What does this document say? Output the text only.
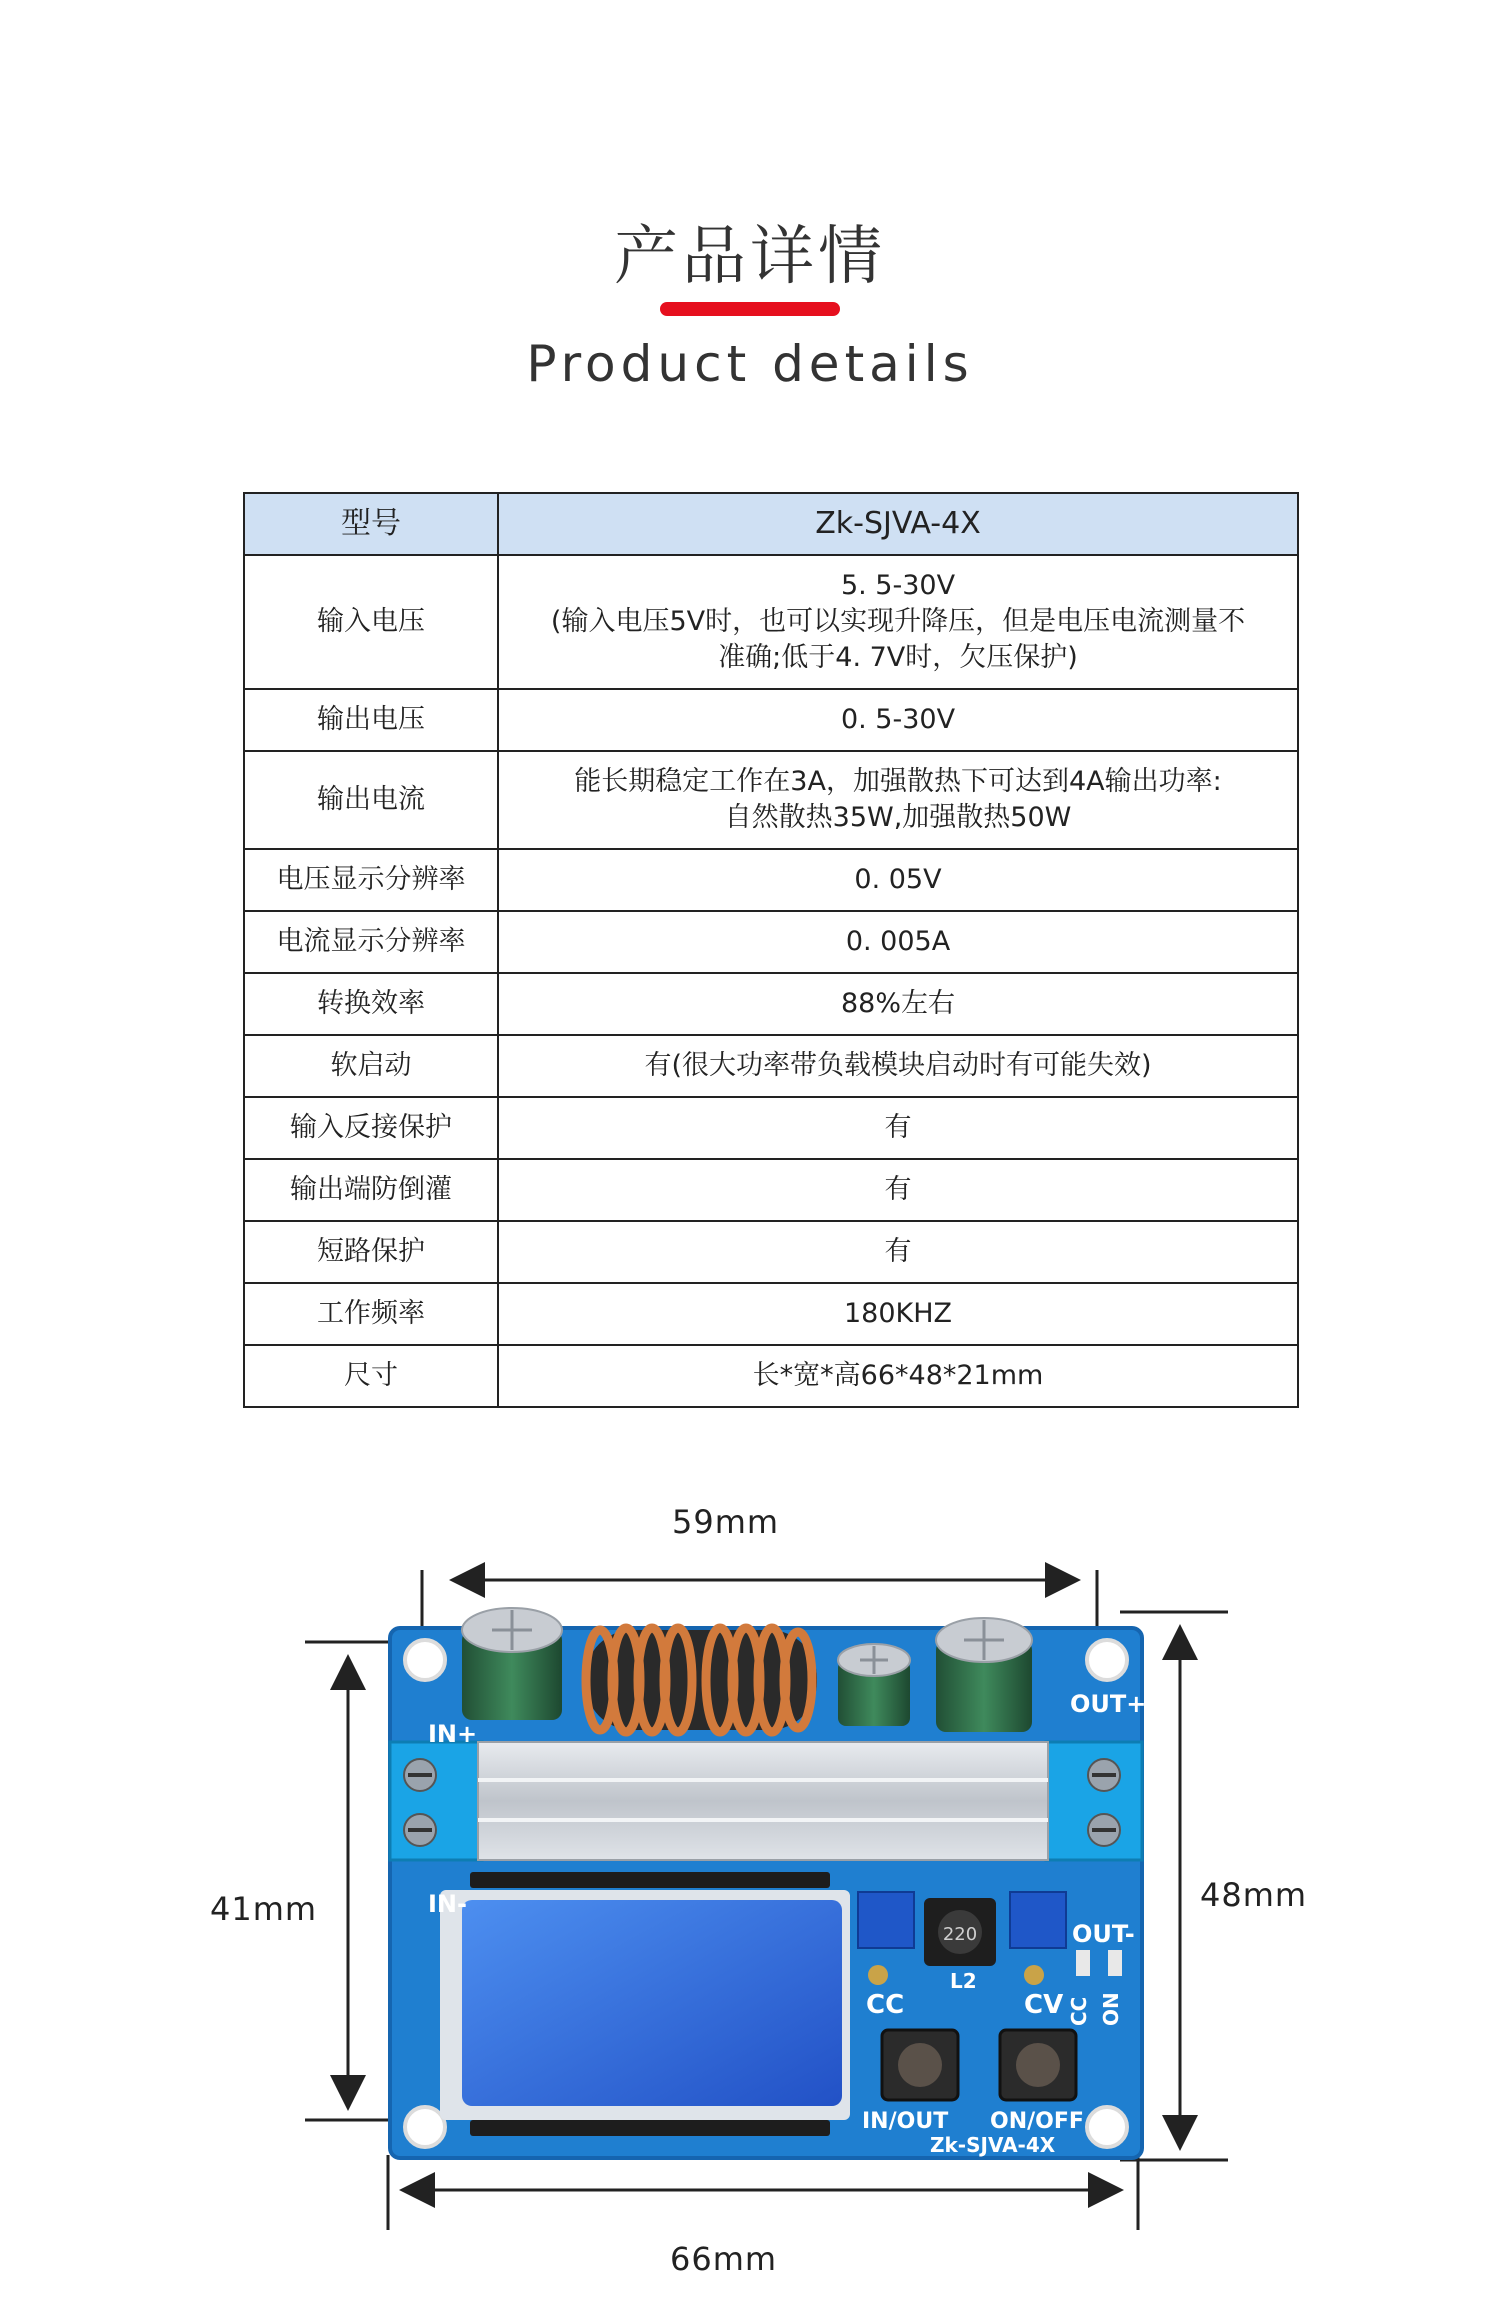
产品详情
Product details
型号	Zk-SJVA-4X
输入电压	5. 5-30V
(输入电压5V时，也可以实现升降压，但是电压电流测量不
准确;低于4. 7V时，欠压保护)

输出电压	0. 5-30V
输出电流	能长期稳定工作在3A，加强散热下可达到4A输出功率:
自然散热35W,加强散热50W

电压显示分辨率	0. 05V
电流显示分辨率	0. 005A
转换效率	88%左右
软启动	有(很大功率带负载模块启动时有可能失效)
输入反接保护	有
输出端防倒灌	有
短路保护	有
工作频率	180KHZ
尺寸	长*宽*高66*48*21mm
59mm
41mm	48mm
66mm
220
IN+
IN-
OUT+
OUT-
CC	CV
L2
CC ON
IN/OUT ON/OFF
Zk-SJVA-4X
